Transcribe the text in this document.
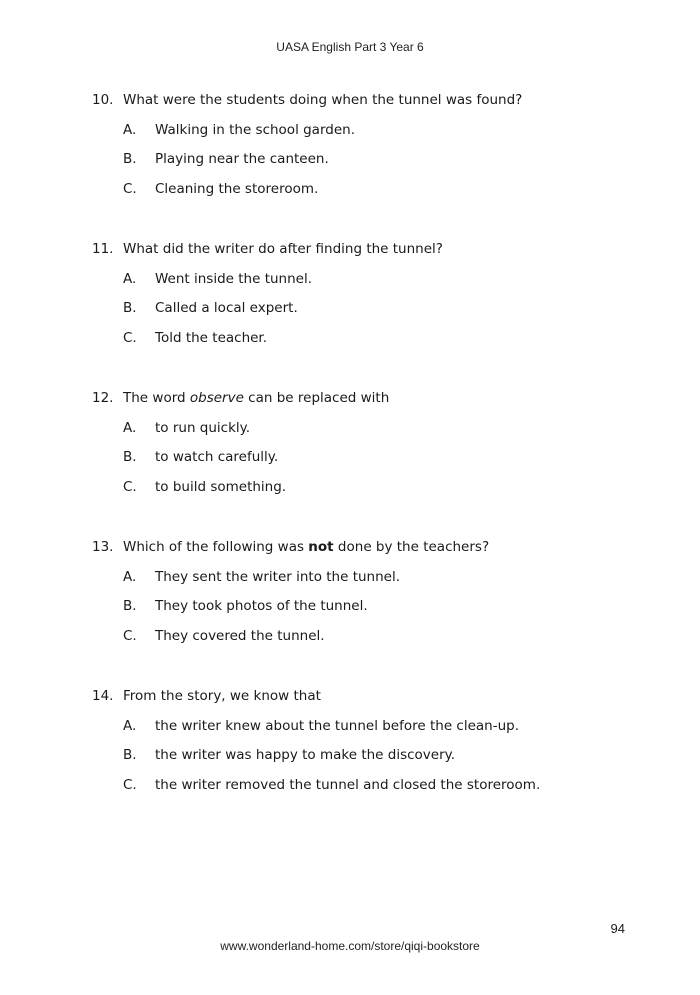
UASA English Part 3 Year 6
10. What were the students doing when the tunnel was found?
A. Walking in the school garden.
B. Playing near the canteen.
C. Cleaning the storeroom.
11. What did the writer do after finding the tunnel?
A. Went inside the tunnel.
B. Called a local expert.
C. Told the teacher.
12. The word observe can be replaced with
A. to run quickly.
B. to watch carefully.
C. to build something.
13. Which of the following was not done by the teachers?
A. They sent the writer into the tunnel.
B. They took photos of the tunnel.
C. They covered the tunnel.
14. From the story, we know that
A. the writer knew about the tunnel before the clean-up.
B. the writer was happy to make the discovery.
C. the writer removed the tunnel and closed the storeroom.
94
www.wonderland-home.com/store/qiqi-bookstore
